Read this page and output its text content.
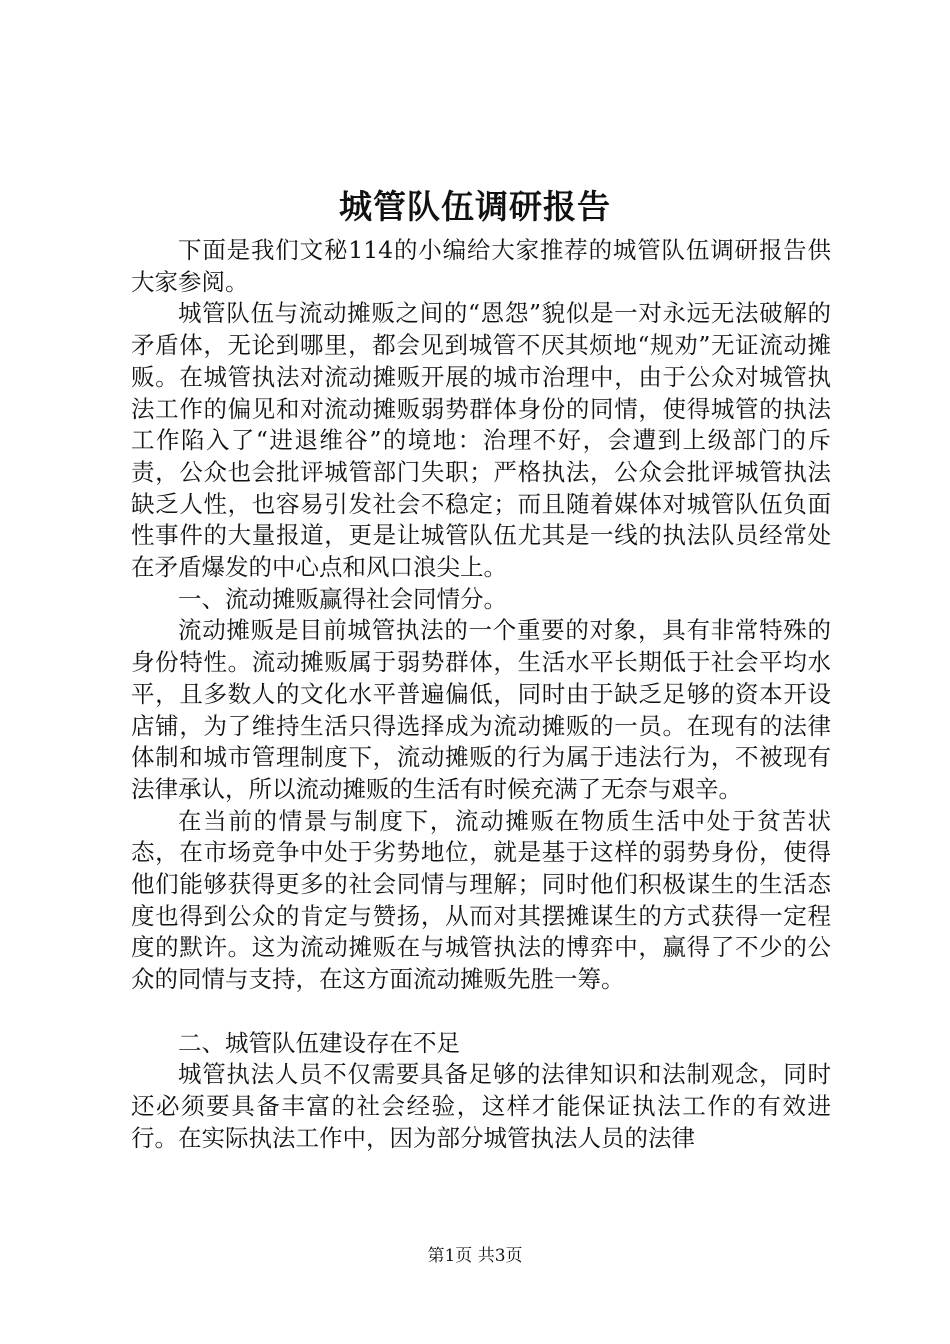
城管队伍调研报告

下面是我们文秘114的小编给大家推荐的城管队伍调研报告供大家参阅。

城管队伍与流动摊贩之间的“恩怨”貌似是一对永远无法破解的矛盾体，无论到哪里，都会见到城管不厌其烦地“规劝”无证流动摊贩。在城管执法对流动摊贩开展的城市治理中，由于公众对城管执法工作的偏见和对流动摊贩弱势群体身份的同情，使得城管的执法工作陷入了“进退维谷”的境地：治理不好，会遭到上级部门的斥责，公众也会批评城管部门失职；严格执法，公众会批评城管执法缺乏人性，也容易引发社会不稳定；而且随着媒体对城管队伍负面性事件的大量报道，更是让城管队伍尤其是一线的执法队员经常处在矛盾爆发的中心点和风口浪尖上。

一、流动摊贩赢得社会同情分。

流动摊贩是目前城管执法的一个重要的对象，具有非常特殊的身份特性。流动摊贩属于弱势群体，生活水平长期低于社会平均水平，且多数人的文化水平普遍偏低，同时由于缺乏足够的资本开设店铺，为了维持生活只得选择成为流动摊贩的一员。在现有的法律体制和城市管理制度下，流动摊贩的行为属于违法行为，不被现有法律承认，所以流动摊贩的生活有时候充满了无奈与艰辛。

在当前的情景与制度下，流动摊贩在物质生活中处于贫苦状态，在市场竞争中处于劣势地位，就是基于这样的弱势身份，使得他们能够获得更多的社会同情与理解；同时他们积极谋生的生活态度也得到公众的肯定与赞扬，从而对其摆摊谋生的方式获得一定程度的默许。这为流动摊贩在与城管执法的博弈中，赢得了不少的公众的同情与支持，在这方面流动摊贩先胜一筹。

二、城管队伍建设存在不足

城管执法人员不仅需要具备足够的法律知识和法制观念，同时还必须要具备丰富的社会经验，这样才能保证执法工作的有效进行。在实际执法工作中，因为部分城管执法人员的法律

第1页 共3页
